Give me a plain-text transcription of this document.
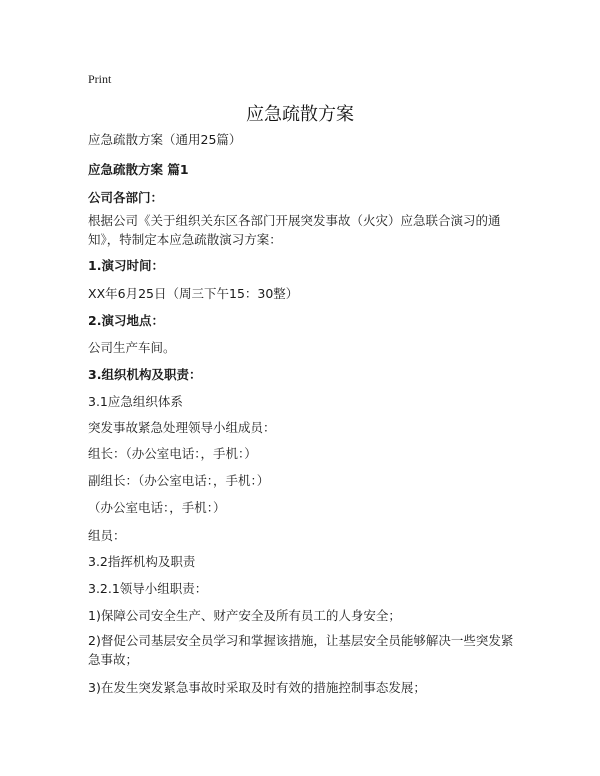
Print
应急疏散方案
应急疏散方案（通用25篇）
应急疏散方案 篇1
公司各部门：
根据公司《关于组织关东区各部门开展突发事故（火灾）应急联合演习的通知》，特制定本应急疏散演习方案：
1.演习时间：
XX年6月25日（周三下午15：30整）
2.演习地点：
公司生产车间。
3.组织机构及职责：
3.1应急组织体系
突发事故紧急处理领导小组成员：
组长：（办公室电话：，手机：）
副组长：（办公室电话：，手机：）
（办公室电话：，手机：）
组员：
3.2指挥机构及职责
3.2.1领导小组职责：
1)保障公司安全生产、财产安全及所有员工的人身安全；
2)督促公司基层安全员学习和掌握该措施，让基层安全员能够解决一些突发紧急事故；
3)在发生突发紧急事故时采取及时有效的措施控制事态发展；
